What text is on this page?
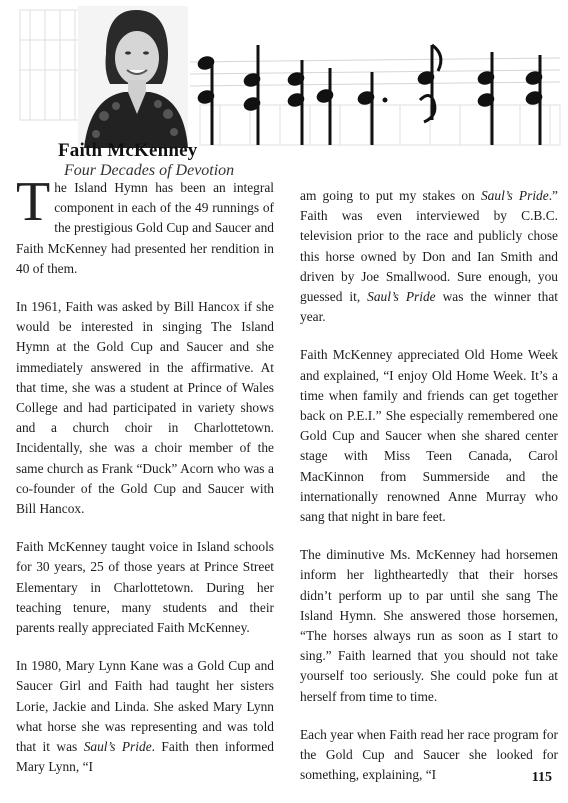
Faith McKenney

Four Decades of Devotion

The Island Hymn has been an integral component in each of the 49 runnings of the prestigious Gold Cup and Saucer and Faith McKenney had presented her rendition in 40 of them.

In 1961, Faith was asked by Bill Hancox if she would be interested in singing The Island Hymn at the Gold Cup and Saucer and she immediately answered in the affirmative. At that time, she was a student at Prince of Wales College and had participated in variety shows and a church choir in Charlottetown. Incidentally, she was a choir member of the same church as Frank “Duck” Acorn who was a co-founder of the Gold Cup and Saucer with Bill Hancox.

Faith McKenney taught voice in Island schools for 30 years, 25 of those years at Prince Street Elementary in Charlottetown. During her teaching tenure, many students and their parents really appreciated Faith McKenney.

In 1980, Mary Lynn Kane was a Gold Cup and Saucer Girl and Faith had taught her sisters Lorie, Jackie and Linda. She asked Mary Lynn what horse she was representing and was told that it was Saul’s Pride. Faith then informed Mary Lynn, “I

am going to put my stakes on Saul’s Pride.” Faith was even interviewed by C.B.C. television prior to the race and publicly chose this horse owned by Don and Ian Smith and driven by Joe Smallwood. Sure enough, you guessed it, Saul’s Pride was the winner that year.

Faith McKenney appreciated Old Home Week and explained, “I enjoy Old Home Week. It’s a time when family and friends can get together back on P.E.I.” She especially remembered one Gold Cup and Saucer when she shared center stage with Miss Teen Canada, Carol MacKinnon from Summerside and the internationally renowned Anne Murray who sang that night in bare feet.

The diminutive Ms. McKenney had horsemen inform her lightheartedly that their horses didn’t perform up to par until she sang The Island Hymn. She answered those horsemen, “The horses always run as soon as I start to sing.” Faith learned that you should not take yourself too seriously. She could poke fun at herself from time to time.

Each year when Faith read her race program for the Gold Cup and Saucer she looked for something, explaining, “I	115
